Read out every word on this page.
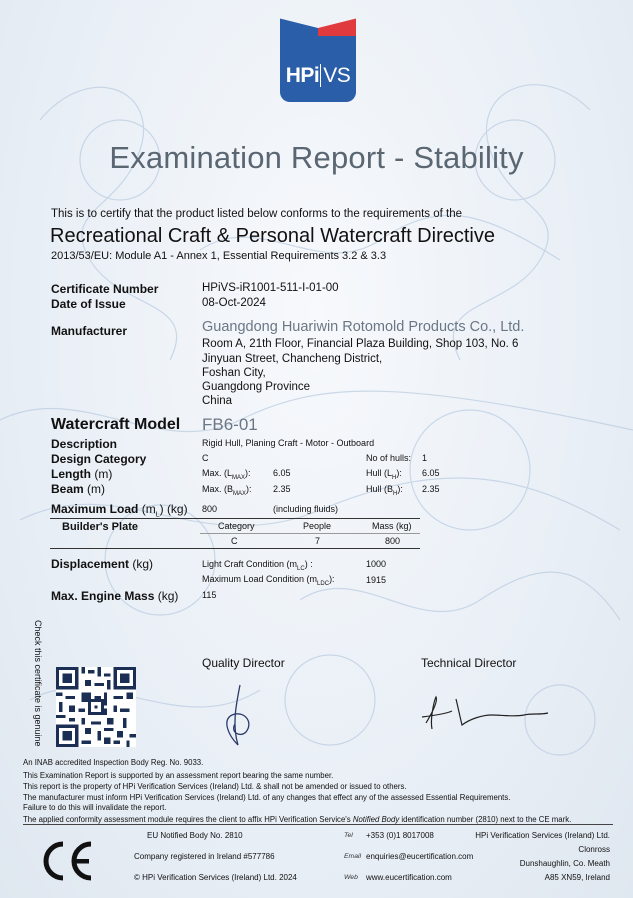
HPi VS
Examination Report - Stability
This is to certify that the product listed below conforms to the requirements of the
Recreational Craft & Personal Watercraft Directive
2013/53/EU: Module A1 - Annex 1, Essential Requirements 3.2 & 3.3
Certificate Number	HPiVS-iR1001-511-I-01-00
Date of Issue	08-Oct-2024
Manufacturer	Guangdong Huariwin Rotomold Products Co., Ltd.
Room A, 21th Floor, Financial Plaza Building, Shop 103, No. 6
Jinyuan Street, Chancheng District,
Foshan City,
Guangdong Province
China
Watercraft Model FB6-01
Description	Rigid Hull, Planing Craft - Motor - Outboard
Design Category	C	No of hulls: 1
Length (m)	Max. $(L_{MAX})$: 6.05	Hull $(L_H)$: 6.05
Beam (m)	Max. $(B_{MAX})$: 2.35	Hull $(B_H)$: 2.35
Maximum Load $(m_L)$ (kg) 800	(including fluids)
Builder's Plate	Category	People	Mass (kg)
C	7	800
Displacement (kg)	Light Craft Condition $(m_{LC})$ :	1000
Maximum Load Condition $(m_{LDC})$:	1915
Max. Engine Mass (kg)	115
Check this certificate is genuine	Quality Director	Technical Director
An INAB accredited Inspection Body Reg. No. 9033.
This Examination Report is supported by an assessment report bearing the same number.
This report is the property of HPi Verification Services (Ireland) Ltd. & shall not be amended or issued to others.
The manufacturer must inform HPi Verification Services (Ireland) Ltd. of any changes that effect any of the assessed Essential Requirements.
Failure to do this will invalidate the report.
The applied conformity assessment module requires the client to affix HPi Verification Service's Notified Body identification number (2810) next to the CE mark.
EU Notified Body No. 2810
Company registered in Ireland #577786
© HPi Verification Services (Ireland) Ltd. 2024
Tel +353 (0)1 8017008
Email enquiries@eucertification.com
Web www.eucertification.com
HPi Verification Services (Ireland) Ltd.
Clonross
Dunshaughlin, Co. Meath
A85 XN59, Ireland
